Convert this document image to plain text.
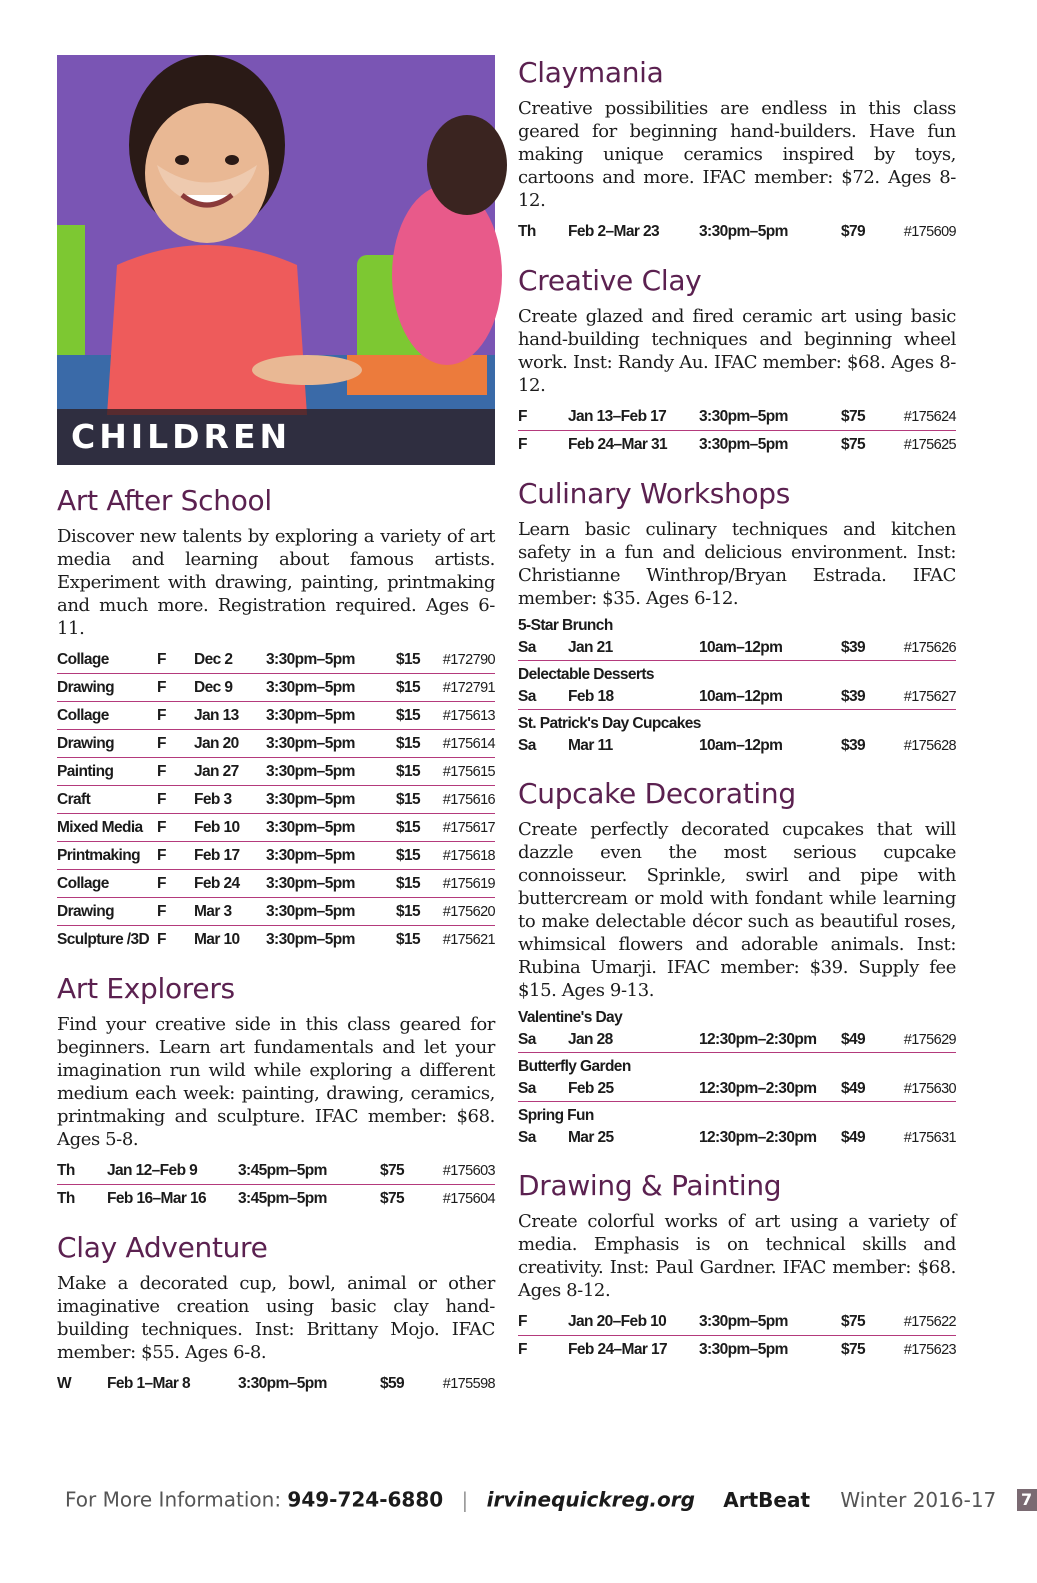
CHILDREN
Art After School

Discover new talents by exploring a variety of art media and learning about famous artists. Experiment with drawing, painting, printmaking and much more. Registration required. Ages 6-11.

Collage	F	Dec 2	3:30pm–5pm	$15	#172790
Drawing	F	Dec 9	3:30pm–5pm	$15	#172791
Collage	F	Jan 13	3:30pm–5pm	$15	#175613
Drawing	F	Jan 20	3:30pm–5pm	$15	#175614
Painting	F	Jan 27	3:30pm–5pm	$15	#175615
Craft	F	Feb 3	3:30pm–5pm	$15	#175616
Mixed Media	F	Feb 10	3:30pm–5pm	$15	#175617
Printmaking	F	Feb 17	3:30pm–5pm	$15	#175618
Collage	F	Feb 24	3:30pm–5pm	$15	#175619
Drawing	F	Mar 3	3:30pm–5pm	$15	#175620
Sculpture /3D	F	Mar 10	3:30pm–5pm	$15	#175621
Art Explorers

Find your creative side in this class geared for beginners. Learn art fundamentals and let your imagination run wild while exploring a different medium each week: painting, drawing, ceramics, printmaking and sculpture. IFAC member: $68. Ages 5-8.

Th	Jan 12–Feb 9	3:45pm–5pm	$75	#175603
Th	Feb 16–Mar 16	3:45pm–5pm	$75	#175604
Clay Adventure

Make a decorated cup, bowl, animal or other imaginative creation using basic clay hand-building techniques. Inst: Brittany Mojo. IFAC member: $55. Ages 6-8.

W	Feb 1–Mar 8	3:30pm–5pm	$59	#175598
Claymania

Creative possibilities are endless in this class geared for beginning hand-builders. Have fun making unique ceramics inspired by toys, cartoons and more. IFAC member: $72. Ages 8-12.

Th	Feb 2–Mar 23	3:30pm–5pm	$79	#175609
Creative Clay

Create glazed and fired ceramic art using basic hand-building techniques and beginning wheel work. Inst: Randy Au. IFAC member: $68. Ages 8-12.

F	Jan 13–Feb 17	3:30pm–5pm	$75	#175624
F	Feb 24–Mar 31	3:30pm–5pm	$75	#175625
Culinary Workshops

Learn basic culinary techniques and kitchen safety in a fun and delicious environment. Inst: Christianne Winthrop/Bryan Estrada. IFAC member: $35. Ages 6-12.

5-Star Brunch
Sa	Jan 21	10am–12pm	$39	#175626
Delectable Desserts
Sa	Feb 18	10am–12pm	$39	#175627
St. Patrick's Day Cupcakes
Sa	Mar 11	10am–12pm	$39	#175628
Cupcake Decorating

Create perfectly decorated cupcakes that will dazzle even the most serious cupcake connoisseur. Sprinkle, swirl and pipe with buttercream or mold with fondant while learning to make delectable décor such as beautiful roses, whimsical flowers and adorable animals. Inst: Rubina Umarji. IFAC member: $39. Supply fee $15. Ages 9-13.

Valentine's Day
Sa	Jan 28	12:30pm–2:30pm	$49	#175629
Butterfly Garden
Sa	Feb 25	12:30pm–2:30pm	$49	#175630
Spring Fun
Sa	Mar 25	12:30pm–2:30pm	$49	#175631
Drawing & Painting

Create colorful works of art using a variety of media. Emphasis is on technical skills and creativity. Inst: Paul Gardner. IFAC member: $68. Ages 8-12.

F	Jan 20–Feb 10	3:30pm–5pm	$75	#175622
F	Feb 24–Mar 17	3:30pm–5pm	$75	#175623
For More Information: 949-724-6880 | irvinequickreg.org ArtBeat Winter 2016-17 7
